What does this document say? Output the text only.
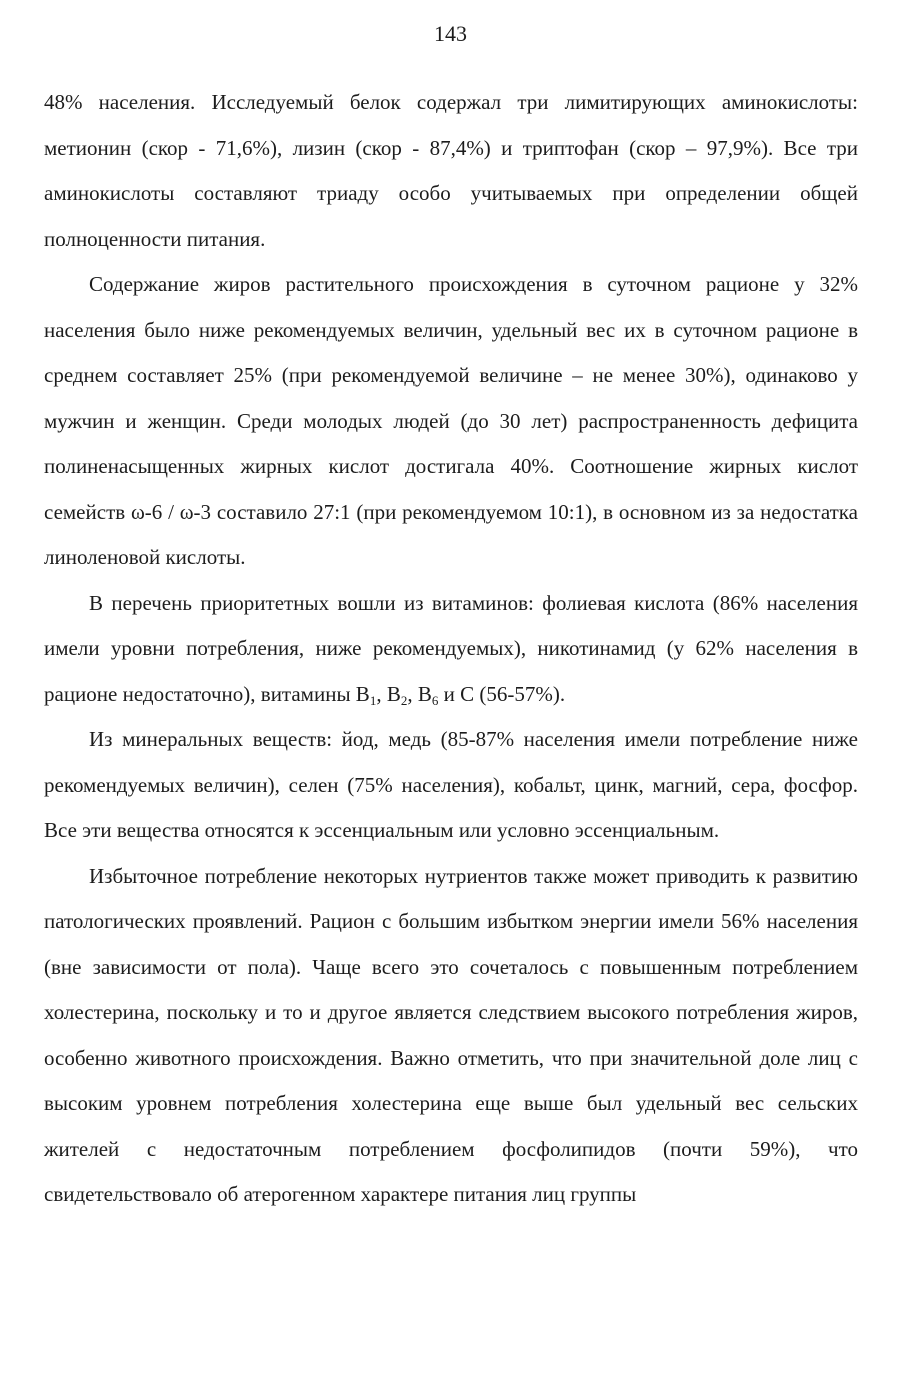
143

48% населения. Исследуемый белок содержал три лимитирующих аминокислоты: метионин (скор - 71,6%), лизин (скор - 87,4%) и триптофан (скор – 97,9%). Все три аминокислоты составляют триаду особо учитываемых при определении общей полноценности питания.

Содержание жиров растительного происхождения в суточном рационе у 32% населения было ниже рекомендуемых величин, удельный вес их в суточном рационе в среднем составляет 25% (при рекомендуемой величине – не менее 30%), одинаково у мужчин и женщин. Среди молодых людей (до 30 лет) распространенность дефицита полиненасыщенных жирных кислот достигала 40%. Соотношение жирных кислот семейств ω-6 / ω-3 составило 27:1 (при рекомендуемом 10:1), в основном из за недостатка линоленовой кислоты.

В перечень приоритетных вошли из витаминов: фолиевая кислота (86% населения имели уровни потребления, ниже рекомендуемых), никотинамид (у 62% населения в рационе недостаточно), витамины $B_1$, $B_2$, $B_6$ и C (56-57%).

Из минеральных веществ: йод, медь (85-87% населения имели потребление ниже рекомендуемых величин), селен (75% населения), кобальт, цинк, магний, сера, фосфор. Все эти вещества относятся к эссенциальным или условно эссенциальным.

Избыточное потребление некоторых нутриентов также может приводить к развитию патологических проявлений. Рацион с большим избытком энергии имели 56% населения (вне зависимости от пола). Чаще всего это сочеталось с повышенным потреблением холестерина, поскольку и то и другое является следствием высокого потребления жиров, особенно животного происхождения. Важно отметить, что при значительной доле лиц с высоким уровнем потребления холестерина еще выше был удельный вес сельских жителей с недостаточным потреблением фосфолипидов (почти 59%), что свидетельствовало об атерогенном характере питания лиц группы
